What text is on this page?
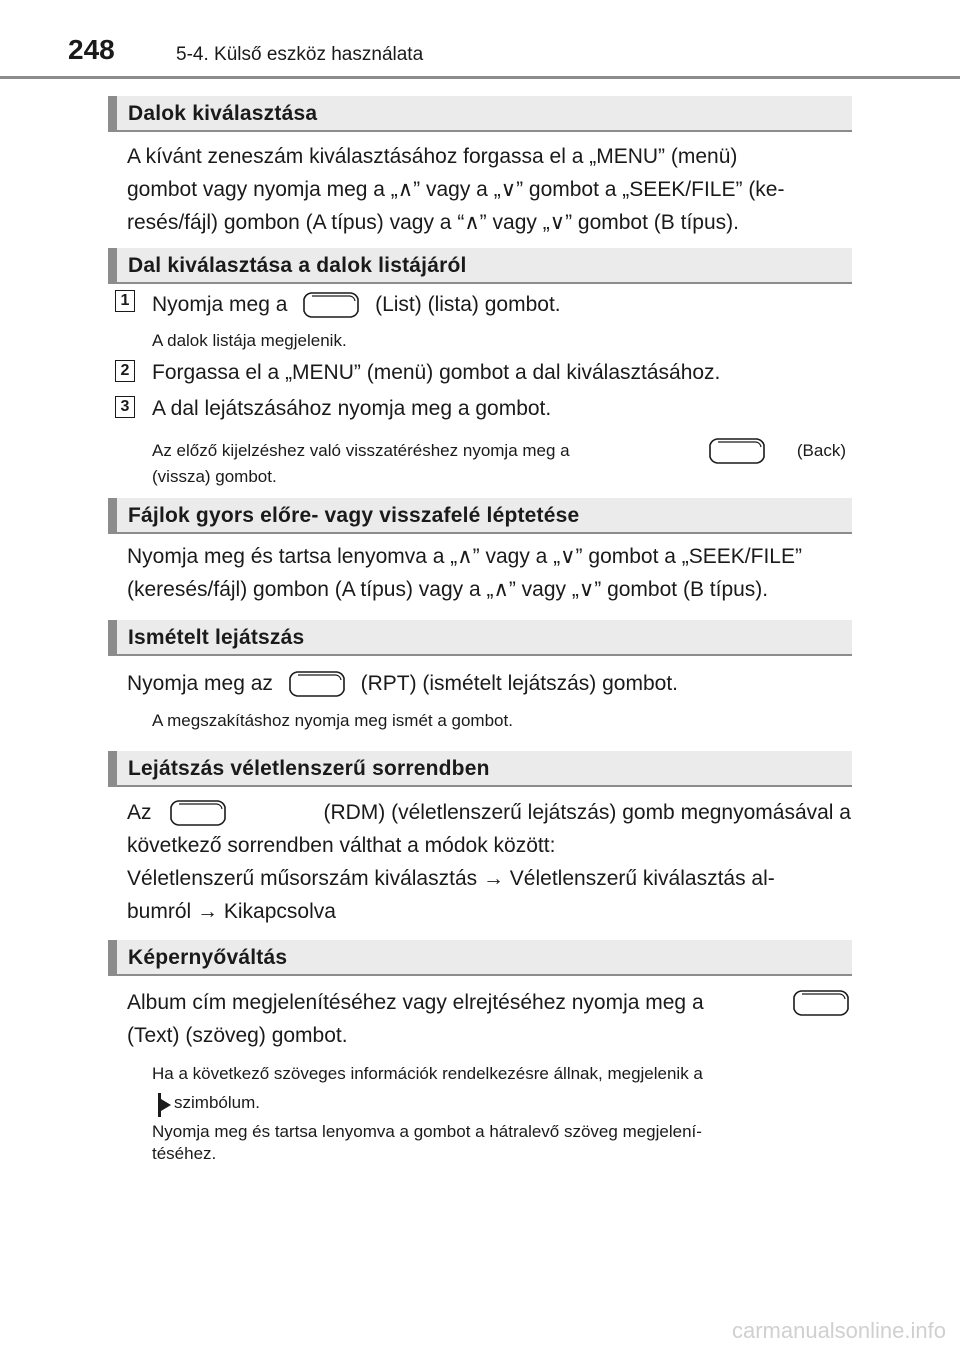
248	5-4. Külső eszköz használata
Dalok kiválasztása
A kívánt zeneszám kiválasztásához forgassa el a „MENU” (menü)
gombot vagy nyomja meg a „∧” vagy a „∨” gombot a „SEEK/FILE” (ke-
resés/fájl) gombon (A típus) vagy a “∧” vagy „∨” gombot (B típus).
Dal kiválasztása a dalok listájáról
1 Nyomja meg a	(List) (lista) gombot.
A dalok listája megjelenik.
2 Forgassa el a „MENU” (menü) gombot a dal kiválasztásához.
3 A dal lejátszásához nyomja meg a gombot.
Az előző kijelzéshez való visszatéréshez nyomja meg a	(Back)
(vissza) gombot.
Fájlok gyors előre- vagy visszafelé léptetése
Nyomja meg és tartsa lenyomva a „∧” vagy a „∨” gombot a „SEEK/FILE”
(keresés/fájl) gombon (A típus) vagy a „∧” vagy „∨” gombot (B típus).
Ismételt lejátszás
Nyomja meg az	(RPT) (ismételt lejátszás) gombot.
A megszakításhoz nyomja meg ismét a gombot.
Lejátszás véletlenszerű sorrendben
Az	(RDM) (véletlenszerű lejátszás) gomb megnyomásával a
következő sorrendben válthat a módok között:
Véletlenszerű műsorszám kiválasztás → Véletlenszerű kiválasztás al-
bumról → Kikapcsolva
Képernyőváltás
Album cím megjelenítéséhez vagy elrejtéséhez nyomja meg a
(Text) (szöveg) gombot.
Ha a következő szöveges információk rendelkezésre állnak, megjelenik a
szimbólum.
Nyomja meg és tartsa lenyomva a gombot a hátralevő szöveg megjelení-
téséhez.
carmanualsonline.info
